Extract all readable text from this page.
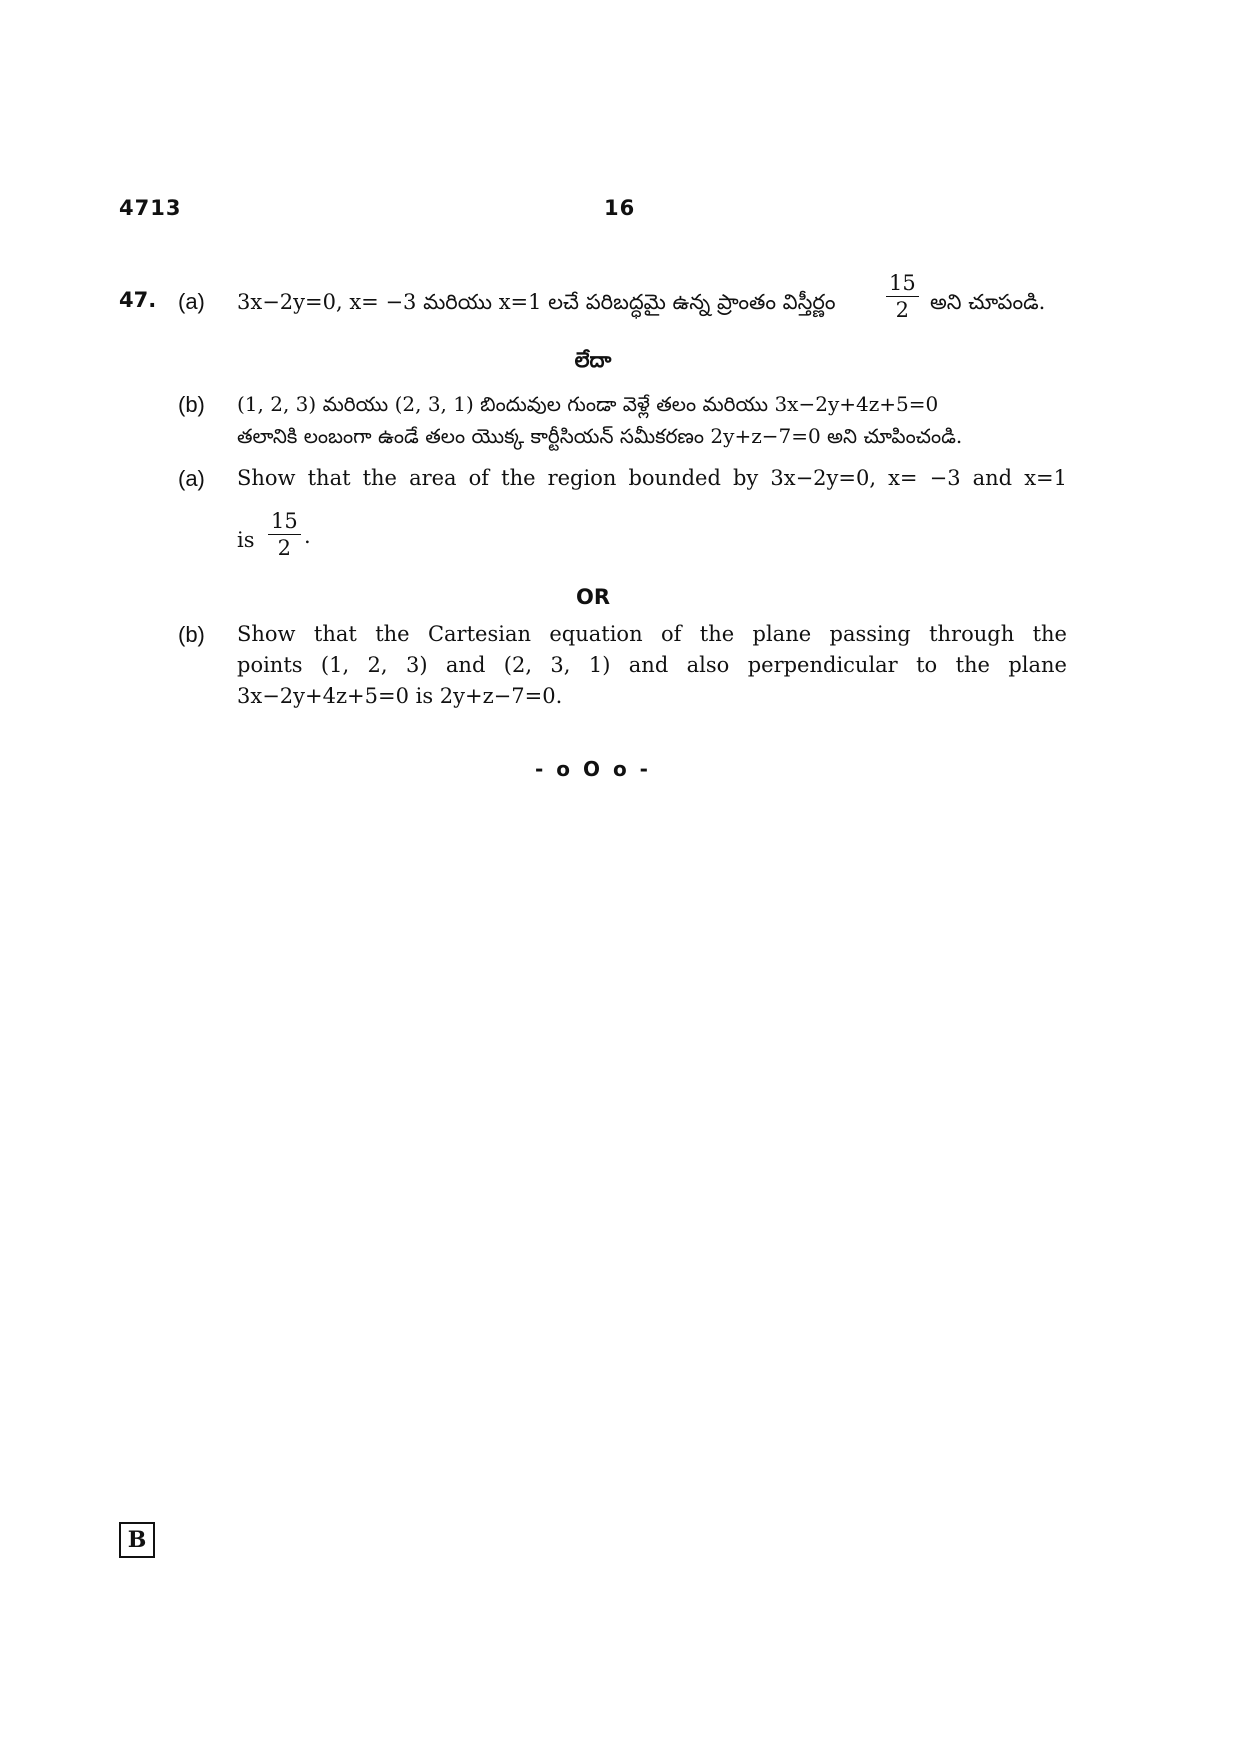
4713	16
47. (a) 3x−2y=0, x= −3 మరియు x=1 లచే పరిబద్ధమై ఉన్న ప్రాంతం విస్తీర్ణం $\frac{15}{2}$ అని చూపండి.
లేదా
(b) (1, 2, 3) మరియు (2, 3, 1) బిందువుల గుండా వెళ్లే తలం మరియు 3x−2y+4z+5=0
తలానికి లంబంగా ఉండే తలం యొక్క కార్టీసియన్ సమీకరణం 2y+z−7=0 అని చూపించండి.
(a) Show that the area of the region bounded by 3x−2y=0, x= −3 and x=1
is $\frac{15}{2}$ .
OR
(b) Show that the Cartesian equation of the plane passing through the
points (1, 2, 3) and (2, 3, 1) and also perpendicular to the plane
3x−2y+4z+5=0 is 2y+z−7=0.
- o O o -
B
